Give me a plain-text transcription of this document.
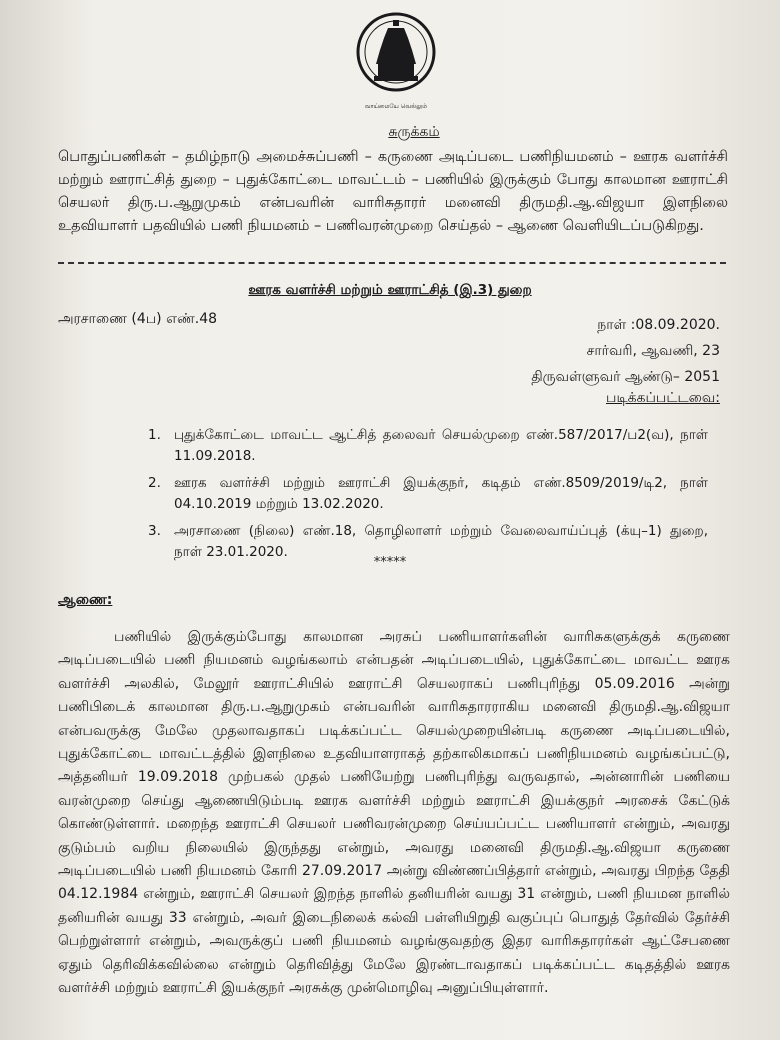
வாய்மையே வெல்லும்
சுருக்கம்
பொதுப்பணிகள் – தமிழ்நாடு அமைச்சுப்பணி – கருணை அடிப்படை பணிநியமனம் – ஊரக வளர்ச்சி மற்றும் ஊராட்சித் துறை – புதுக்கோட்டை மாவட்டம் – பணியில் இருக்கும் போது காலமான ஊராட்சி செயலர் திரு.ப.ஆறுமுகம் என்பவரின் வாரிசுதாரர் மனைவி திருமதி.ஆ.விஜயா இளநிலை உதவியாளர் பதவியில் பணி நியமனம் – பணிவரன்முறை செய்தல் – ஆணை வெளியிடப்படுகிறது.
ஊரக வளர்ச்சி மற்றும் ஊராட்சித் (இ.3) துறை
அரசாணை (4ப) எண்.48	நாள் :08.09.2020.
சார்வரி, ஆவணி, 23
திருவள்ளுவர் ஆண்டு– 2051
படிக்கப்பட்டவை:
1. புதுக்கோட்டை மாவட்ட ஆட்சித் தலைவர் செயல்முறை எண்.587/2017/ப2(வ), நாள் 11.09.2018.
2. ஊரக வளர்ச்சி மற்றும் ஊராட்சி இயக்குநர், கடிதம் எண்.8509/2019/டி2, நாள் 04.10.2019 மற்றும் 13.02.2020.
3. அரசாணை (நிலை) எண்.18, தொழிலாளர் மற்றும் வேலைவாய்ப்புத் (க்யு–1) துறை, நாள் 23.01.2020.
*****
ஆணை:
பணியில் இருக்கும்போது காலமான அரசுப் பணியாளர்களின் வாரிசுகளுக்குக் கருணை அடிப்படையில் பணி நியமனம் வழங்கலாம் என்பதன் அடிப்படையில், புதுக்கோட்டை மாவட்ட ஊரக வளர்ச்சி அலகில், மேலூர் ஊராட்சியில் ஊராட்சி செயலராகப் பணிபுரிந்து 05.09.2016 அன்று பணிபிடைக் காலமான திரு.ப.ஆறுமுகம் என்பவரின் வாரிசுதாரராகிய மனைவி திருமதி.ஆ.விஜயா என்பவருக்கு மேலே முதலாவதாகப் படிக்கப்பட்ட செயல்முறையின்படி கருணை அடிப்படையில், புதுக்கோட்டை மாவட்டத்தில் இளநிலை உதவியாளராகத் தற்காலிகமாகப் பணிநியமனம் வழங்கப்பட்டு, அத்தனியர் 19.09.2018 முற்பகல் முதல் பணியேற்று பணிபுரிந்து வருவதால், அன்னாரின் பணியை வரன்முறை செய்து ஆணையிடும்படி ஊரக வளர்ச்சி மற்றும் ஊராட்சி இயக்குநர் அரசைக் கேட்டுக் கொண்டுள்ளார். மறைந்த ஊராட்சி செயலர் பணிவரன்முறை செய்யப்பட்ட பணியாளர் என்றும், அவரது குடும்பம் வறிய நிலையில் இருந்தது என்றும், அவரது மனைவி திருமதி.ஆ.விஜயா கருணை அடிப்படையில் பணி நியமனம் கோரி 27.09.2017 அன்று விண்ணப்பித்தார் என்றும், அவரது பிறந்த தேதி 04.12.1984 என்றும், ஊராட்சி செயலர் இறந்த நாளில் தனியரின் வயது 31 என்றும், பணி நியமன நாளில் தனியரின் வயது 33 என்றும், அவர் இடைநிலைக் கல்வி பள்ளியிறுதி வகுப்புப் பொதுத் தேர்வில் தேர்ச்சி பெற்றுள்ளார் என்றும், அவருக்குப் பணி நியமனம் வழங்குவதற்கு இதர வாரிசுதாரர்கள் ஆட்சேபணை ஏதும் தெரிவிக்கவில்லை என்றும் தெரிவித்து மேலே இரண்டாவதாகப் படிக்கப்பட்ட கடிதத்தில் ஊரக வளர்ச்சி மற்றும் ஊராட்சி இயக்குநர் அரசுக்கு முன்மொழிவு அனுப்பியுள்ளார்.
